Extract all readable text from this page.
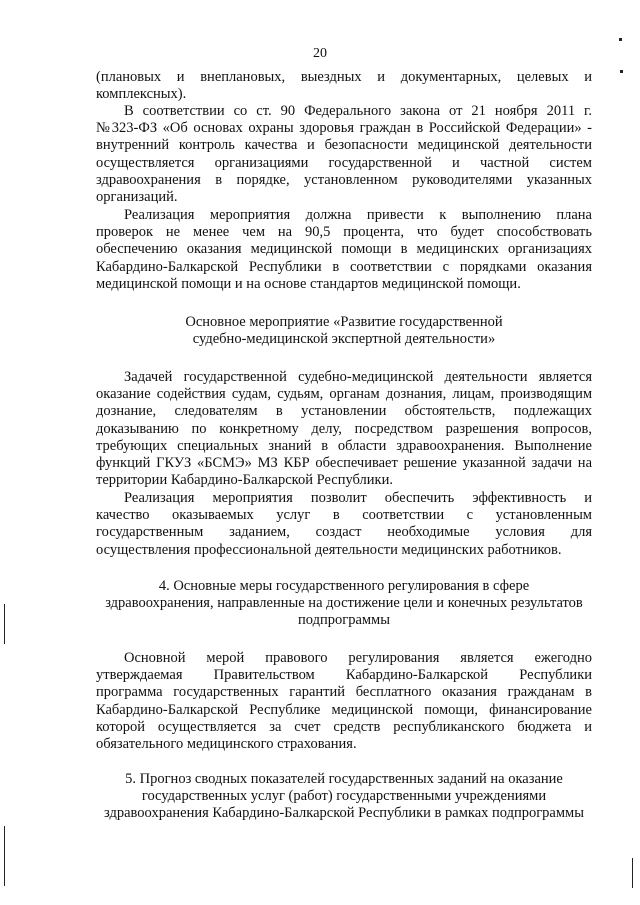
20
(плановых и внеплановых, выездных и документарных, целевых и
комплексных).
В соответствии со ст. 90 Федерального закона от 21 ноября 2011 г.
№323-ФЗ «Об основах охраны здоровья граждан в Российской Федерации» -
внутренний контроль качества и безопасности медицинской деятельности
осуществляется организациями государственной и частной систем
здравоохранения в порядке, установленном руководителями указанных
организаций.
Реализация мероприятия должна привести к выполнению плана
проверок не менее чем на 90,5 процента, что будет способствовать
обеспечению оказания медицинской помощи в медицинских организациях
Кабардино-Балкарской Республики в соответствии с порядками оказания
медицинской помощи и на основе стандартов медицинской помощи.
Основное мероприятие «Развитие государственной
судебно-медицинской экспертной деятельности»
Задачей государственной судебно-медицинской деятельности является
оказание содействия судам, судьям, органам дознания, лицам, производящим
дознание, следователям в установлении обстоятельств, подлежащих
доказыванию по конкретному делу, посредством разрешения вопросов,
требующих специальных знаний в области здравоохранения. Выполнение
функций ГКУЗ «БСМЭ» МЗ КБР обеспечивает решение указанной задачи на
территории Кабардино-Балкарской Республики.
Реализация мероприятия позволит обеспечить эффективность и
качество оказываемых услуг в соответствии с установленным
государственным заданием, создаст необходимые условия для
осуществления профессиональной деятельности медицинских работников.
4. Основные меры государственного регулирования в сфере
здравоохранения, направленные на достижение цели и конечных результатов
подпрограммы
Основной мерой правового регулирования является ежегодно
утверждаемая Правительством Кабардино-Балкарской Республики
программа государственных гарантий бесплатного оказания гражданам в
Кабардино-Балкарской Республике медицинской помощи, финансирование
которой осуществляется за счет средств республиканского бюджета и
обязательного медицинского страхования.
5. Прогноз сводных показателей государственных заданий на оказание
государственных услуг (работ) государственными учреждениями
здравоохранения Кабардино-Балкарской Республики в рамках подпрограммы
